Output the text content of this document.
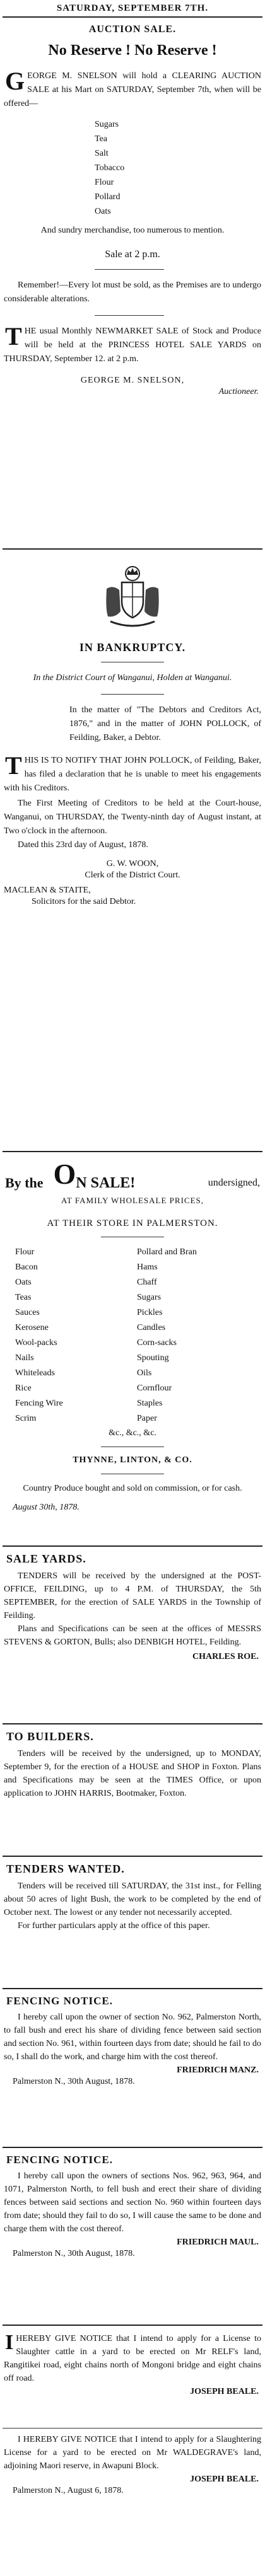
SATURDAY, SEPTEMBER 7TH.
AUCTION SALE.
No Reserve ! No Reserve !

GEORGE M. SNELSON will hold a CLEARING AUCTION SALE at his Mart on SATURDAY, September 7th, when will be offered—

Sugars
Tea
Salt
Tobacco
Flour
Pollard
Oats

And sundry merchandise, too numerous to mention.

Sale at 2 p.m.

Remember!—Every lot must be sold, as the Premises are to undergo considerable alterations.

THE usual Monthly NEWMARKET SALE of Stock and Produce will be held at the PRINCESS HOTEL SALE YARDS on THURSDAY, September 12. at 2 p.m.

GEORGE M. SNELSON,
Auctioneer.
IN BANKRUPTCY.

In the District Court of Wanganui, Holden at Wanganui.

In the matter of "The Debtors and Creditors Act, 1876," and in the matter of JOHN POLLOCK, of Feilding, Baker, a Debtor.

THIS IS TO NOTIFY THAT JOHN POLLOCK, of Feilding, Baker, has filed a declaration that he is unable to meet his engagements with his Creditors.

The First Meeting of Creditors to be held at the Court-house, Wanganui, on THURSDAY, the Twenty-ninth day of August instant, at Two o'clock in the afternoon.

Dated this 23rd day of August, 1878.

G. W. WOON,
Clerk of the District Court.
MACLEAN & STAITE,
Solicitors for the said Debtor.
By the O N SALE!	undersigned,
AT FAMILY WHOLESALE PRICES,
AT THEIR STORE IN PALMERSTON.
Flour
Bacon
Oats
Teas
Sauces
Kerosene
Wool-packs
Nails
Whiteleads
Rice
Fencing Wire
Scrim
Pollard and Bran
Hams
Chaff
Sugars
Pickles
Candles
Corn-sacks
Spouting
Oils
Cornflour
Staples
Paper
&c., &c., &c.
THYNNE, LINTON, & CO.

Country Produce bought and sold on commission, or for cash.

August 30th, 1878.
SALE YARDS.

TENDERS will be received by the undersigned at the POST-OFFICE, FEILDING, up to 4 P.M. of THURSDAY, the 5th SEPTEMBER, for the erection of SALE YARDS in the Township of Feilding.

Plans and Specifications can be seen at the offices of MESSRS STEVENS & GORTON, Bulls; also DENBIGH HOTEL, Feilding.

CHARLES ROE.
TO BUILDERS.

Tenders will be received by the undersigned, up to MONDAY, September 9, for the erection of a HOUSE and SHOP in Foxton. Plans and Specifications may be seen at the TIMES Office, or upon application to JOHN HARRIS, Bootmaker, Foxton.

TENDERS WANTED.

Tenders will be received till SATURDAY, the 31st inst., for Felling about 50 acres of light Bush, the work to be completed by the end of October next. The lowest or any tender not necessarily accepted.

For further particulars apply at the office of this paper.

FENCING NOTICE.

I hereby call upon the owner of section No. 962, Palmerston North, to fall bush and erect his share of dividing fence between said section and section No. 961, within fourteen days from date; should he fail to do so, I shall do the work, and charge him with the cost thereof.

FRIEDRICH MANZ.
Palmerston N., 30th August, 1878.
FENCING NOTICE.

I hereby call upon the owners of sections Nos. 962, 963, 964, and 1071, Palmerston North, to fell bush and erect their share of dividing fences between said sections and section No. 960 within fourteen days from date; should they fail to do so, I will cause the same to be done and charge them with the cost thereof.

FRIEDRICH MAUL.
Palmerston N., 30th August, 1878.

IHEREBY GIVE NOTICE that I intend to apply for a License to Slaughter cattle in a yard to be erected on Mr RELF's land, Rangitikei road, eight chains north of Mongoni bridge and eight chains off road.

JOSEPH BEALE.

I HEREBY GIVE NOTICE that I intend to apply for a Slaughtering License for a yard to be erected on Mr WALDEGRAVE's land, adjoining Maori reserve, in Awapuni Block.

JOSEPH BEALE.
Palmerston N., August 6, 1878.
